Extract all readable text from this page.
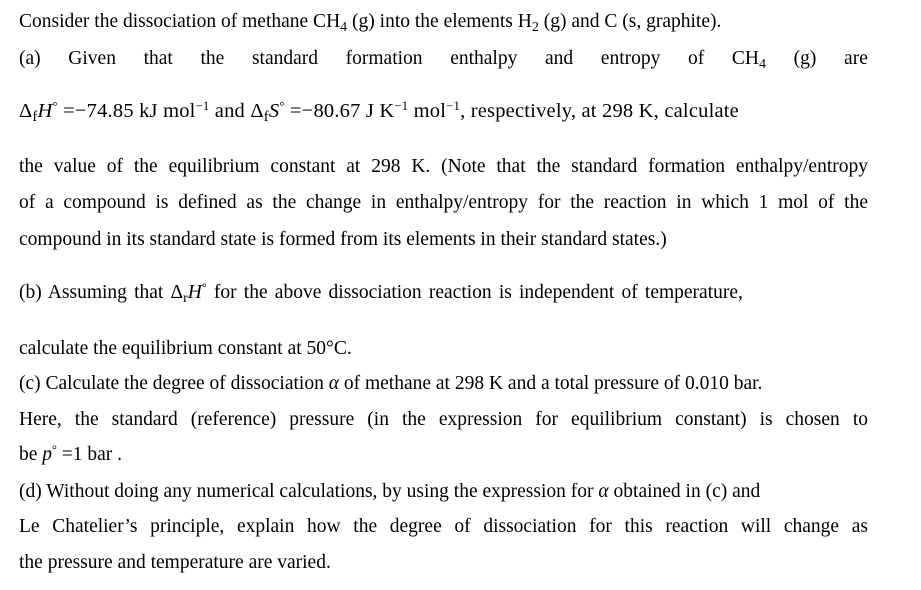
Consider the dissociation of methane $CH_4$ (g) into the elements $H_2$ (g) and C (s, graphite).
(a) Given that the standard formation enthalpy and entropy of $CH_4$ (g) are
$\Delta_fH^\circ =-74.85$ kJ mol$^{-1}$ and $\Delta_fS^\circ =-80.67$ J $K^{-1}$ mol$^{-1}$, respectively, at 298 K, calculate
the value of the equilibrium constant at 298 K. (Note that the standard formation enthalpy/entropy
of a compound is defined as the change in enthalpy/entropy for the reaction in which 1 mol of the
compound in its standard state is formed from its elements in their standard states.)
(b) Assuming that $\Delta_rH^\circ$ for the above dissociation reaction is independent of temperature,
calculate the equilibrium constant at 50°C.
(c) Calculate the degree of dissociation α of methane at 298 K and a total pressure of 0.010 bar.
Here, the standard (reference) pressure (in the expression for equilibrium constant) is chosen to
be p° =1 bar .
(d) Without doing any numerical calculations, by using the expression for α obtained in (c) and
Le Chatelier’s principle, explain how the degree of dissociation for this reaction will change as
the pressure and temperature are varied.
